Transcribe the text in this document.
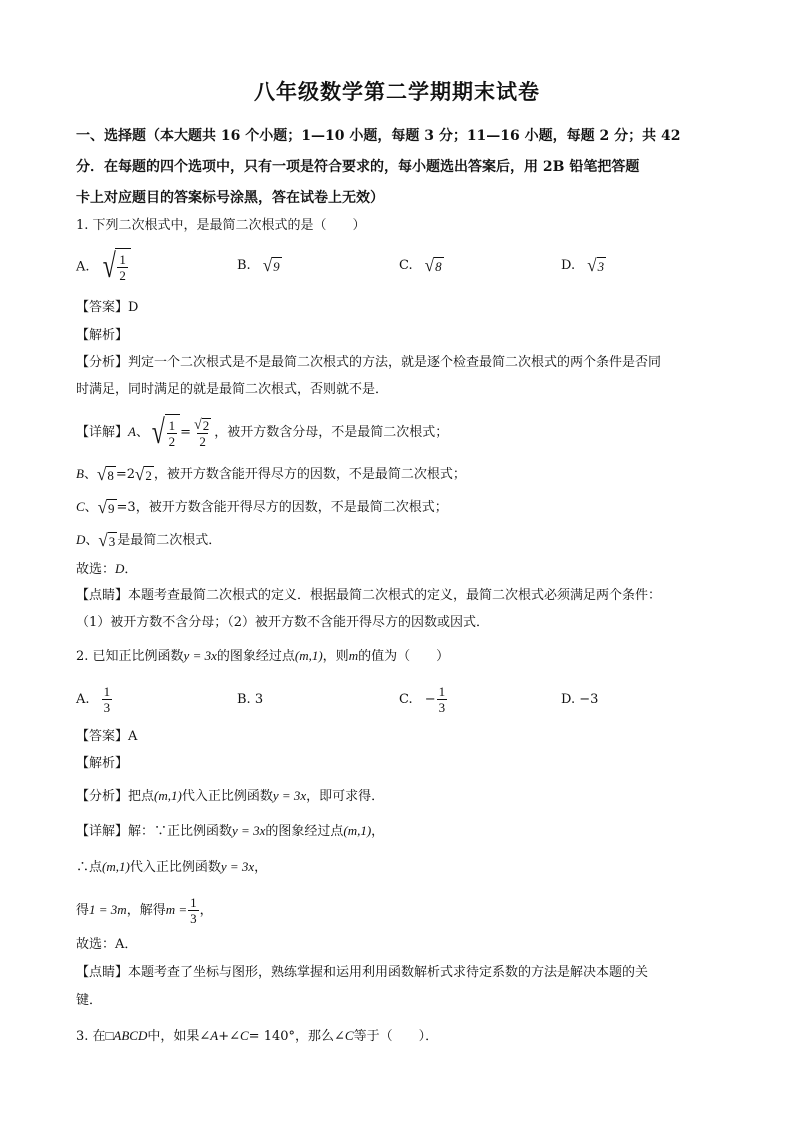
八年级数学第二学期期末试卷
一、选择题（本大题共 16 个小题；1—10 小题，每题 3 分；11—16 小题，每题 2 分；共 42
分．在每题的四个选项中，只有一项是符合要求的，每小题选出答案后，用 2B 铅笔把答题
卡上对应题目的答案标号涂黑，答在试卷上无效）
1. 下列二次根式中，是最简二次根式的是（　　）
A. √ $\frac{1}{2}$	B. √ 9	C. √ 8	D. √ 3
【答案】D
【解析】
【分析】判定一个二次根式是不是最简二次根式的方法，就是逐个检查最简二次根式的两个条件是否同
时满足，同时满足的就是最简二次根式，否则就不是．
【详解】A、 √ $\frac{1}{2} = \frac{√ 2}{2}$ ，被开方数含分母，不是最简二次根式；
B、 √ 8 =2 √ 2 ，被开方数含能开得尽方的因数，不是最简二次根式；
C、 √ 9 =3，被开方数含能开得尽方的因数，不是最简二次根式；
D、 √ 3 是最简二次根式．
故选：D．
【点睛】本题考查最简二次根式的定义．根据最简二次根式的定义，最简二次根式必须满足两个条件：
（1）被开方数不含分母；（2）被开方数不含能开得尽方的因数或因式．
2. 已知正比例函数y = 3x的图象经过点(m,1)，则m的值为（　　）
A. $\frac{1}{3}$	B. 3	C. − $\frac{1}{3}$	D. −3
【答案】A
【解析】
【分析】把点(m,1)代入正比例函数y = 3x，即可求得．
【详解】解：∵正比例函数y = 3x的图象经过点(m,1)，
∴点(m,1)代入正比例函数y = 3x，
得1 = 3m，解得$m = \frac{1}{3}$ ，
故选：A．
【点睛】本题考查了坐标与图形，熟练掌握和运用利用函数解析式求待定系数的方法是解决本题的关
键．
3. 在□ABCD中，如果∠A+∠C= 140°，那么∠C等于（　　）．
